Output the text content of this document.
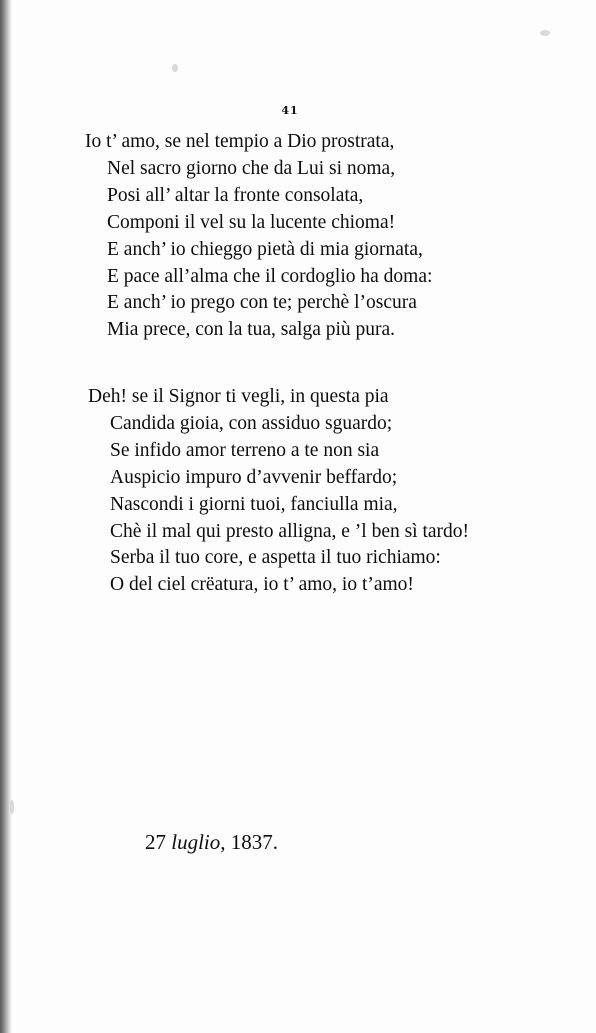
41
Io t’ amo, se nel tempio a Dio prostrata,
Nel sacro giorno che da Lui si noma,
Posi all’ altar la fronte consolata,
Componi il vel su la lucente chioma!
E anch’ io chieggo pietà di mia giornata,
E pace all’alma che il cordoglio ha doma:
E anch’ io prego con te; perchè l’oscura
Mia prece, con la tua, salga più pura.
Deh! se il Signor ti vegli, in questa pia
Candida gioia, con assiduo sguardo;
Se infido amor terreno a te non sia
Auspicio impuro d’avvenir beffardo;
Nascondi i giorni tuoi, fanciulla mia,
Chè il mal qui presto alligna, e ’l ben sì tardo!
Serba il tuo core, e aspetta il tuo richiamo:
O del ciel crëatura, io t’ amo, io t’amo!
27 luglio, 1837.
